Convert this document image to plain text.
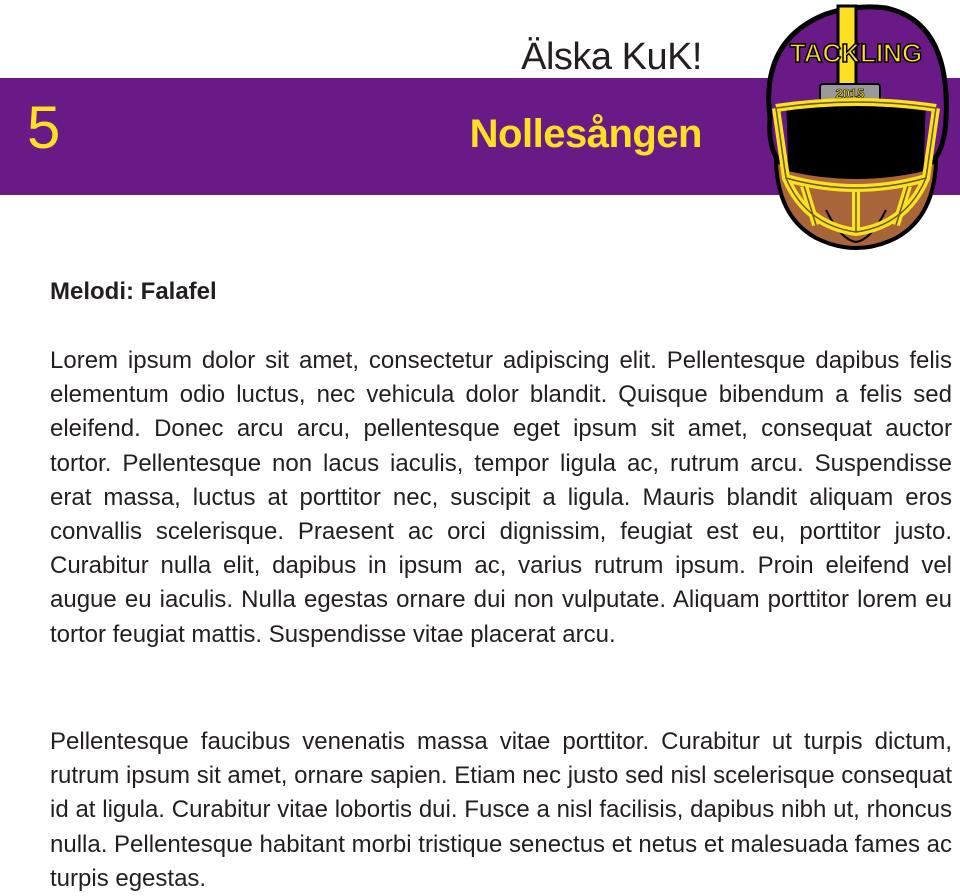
Älska KuK!
5	Nollesången
TACKLING
2015
Melodi: Falafel

Lorem ipsum dolor sit amet, consectetur adipiscing elit. Pellentesque dapibus felis elementum odio luctus, nec vehicula dolor blandit. Quisque bibendum a felis sed eleifend. Donec arcu arcu, pellentesque eget ipsum sit amet, consequat auctor tortor. Pellentesque non lacus iaculis, tempor ligula ac, rutrum arcu. Suspendisse erat massa, luctus at porttitor nec, suscipit a ligula. Mauris blandit aliquam eros convallis scelerisque. Praesent ac orci dignissim, feugiat est eu, porttitor justo. Curabitur nulla elit, dapibus in ipsum ac, varius rutrum ipsum. Proin eleifend vel augue eu iaculis. Nulla egestas ornare dui non vulputate. Aliquam porttitor lorem eu tortor feugiat mattis. Suspendisse vitae placerat arcu.

Pellentesque faucibus venenatis massa vitae porttitor. Curabitur ut turpis dictum, rutrum ipsum sit amet, ornare sapien. Etiam nec justo sed nisl scelerisque consequat id at ligula. Curabitur vitae lobortis dui. Fusce a nisl facilisis, dapibus nibh ut, rhoncus nulla. Pellentesque habitant morbi tristique senectus et netus et malesuada fames ac turpis egestas.
